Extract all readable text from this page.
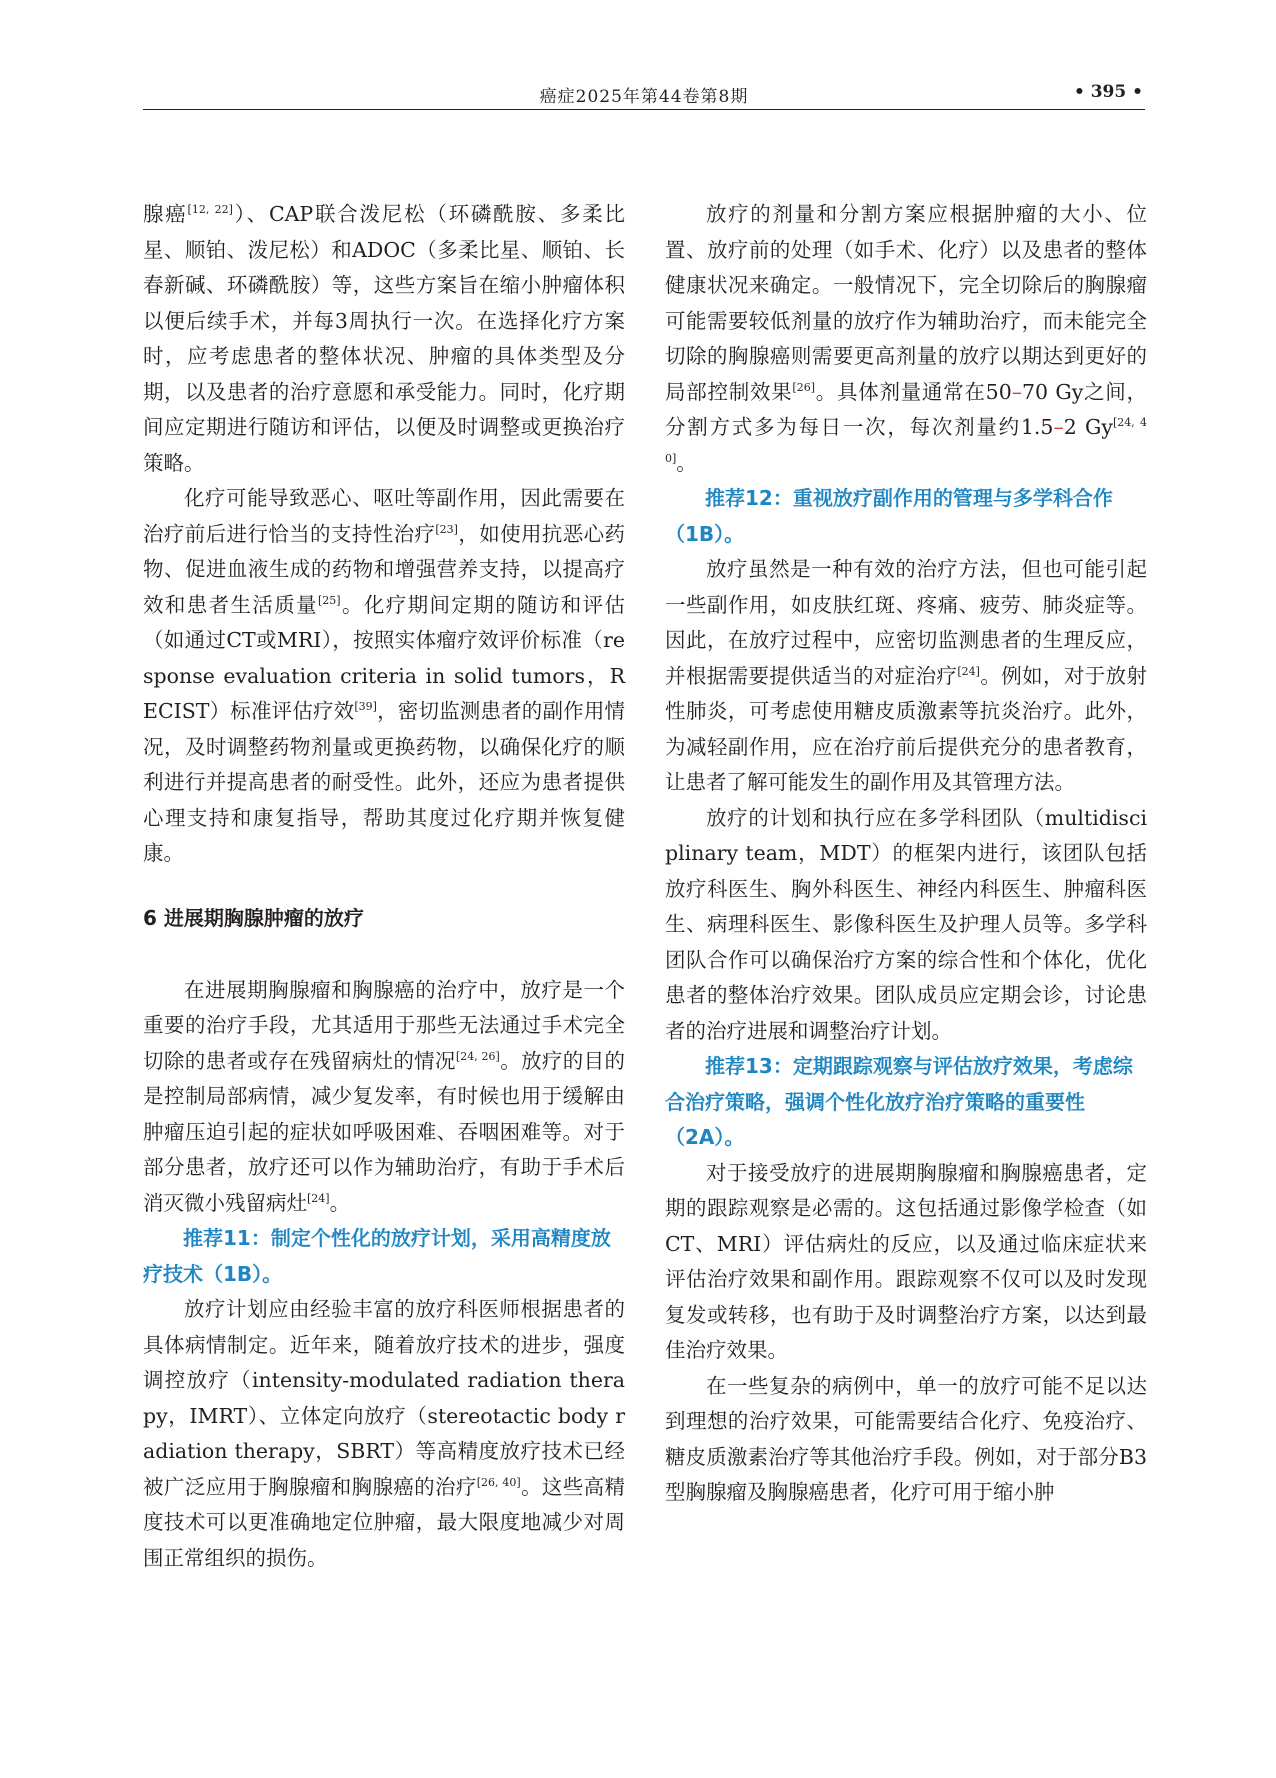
癌症2025年第44卷第8期	• 395 •

腺癌[12, 22]）、CAP联合泼尼松（环磷酰胺、多柔比星、顺铂、泼尼松）和ADOC（多柔比星、顺铂、长春新碱、环磷酰胺）等，这些方案旨在缩小肿瘤体积以便后续手术，并每3周执行一次。在选择化疗方案时，应考虑患者的整体状况、肿瘤的具体类型及分期，以及患者的治疗意愿和承受能力。同时，化疗期间应定期进行随访和评估，以便及时调整或更换治疗策略。

化疗可能导致恶心、呕吐等副作用，因此需要在治疗前后进行恰当的支持性治疗[23]，如使用抗恶心药物、促进血液生成的药物和增强营养支持，以提高疗效和患者生活质量[25]。化疗期间定期的随访和评估（如通过CT或MRI），按照实体瘤疗效评价标准（response evaluation criteria in solid tumors，RECIST）标准评估疗效[39]，密切监测患者的副作用情况，及时调整药物剂量或更换药物，以确保化疗的顺利进行并提高患者的耐受性。此外，还应为患者提供心理支持和康复指导，帮助其度过化疗期并恢复健康。

6 进展期胸腺肿瘤的放疗

在进展期胸腺瘤和胸腺癌的治疗中，放疗是一个重要的治疗手段，尤其适用于那些无法通过手术完全切除的患者或存在残留病灶的情况[24, 26]。放疗的目的是控制局部病情，减少复发率，有时候也用于缓解由肿瘤压迫引起的症状如呼吸困难、吞咽困难等。对于部分患者，放疗还可以作为辅助治疗，有助于手术后消灭微小残留病灶[24]。

推荐11：制定个性化的放疗计划，采用高精度放疗技术（1B）。

放疗计划应由经验丰富的放疗科医师根据患者的具体病情制定。近年来，随着放疗技术的进步，强度调控放疗（intensity-modulated radiation therapy，IMRT）、立体定向放疗（stereotactic body radiation therapy，SBRT）等高精度放疗技术已经被广泛应用于胸腺瘤和胸腺癌的治疗[26, 40]。这些高精度技术可以更准确地定位肿瘤，最大限度地减少对周围正常组织的损伤。

放疗的剂量和分割方案应根据肿瘤的大小、位置、放疗前的处理（如手术、化疗）以及患者的整体健康状况来确定。一般情况下，完全切除后的胸腺瘤可能需要较低剂量的放疗作为辅助治疗，而未能完全切除的胸腺癌则需要更高剂量的放疗以期达到更好的局部控制效果[26]。具体剂量通常在50–70 Gy之间，分割方式多为每日一次，每次剂量约1.5–2 Gy[24, 40]。

推荐12：重视放疗副作用的管理与多学科合作（1B）。

放疗虽然是一种有效的治疗方法，但也可能引起一些副作用，如皮肤红斑、疼痛、疲劳、肺炎症等。因此，在放疗过程中，应密切监测患者的生理反应，并根据需要提供适当的对症治疗[24]。例如，对于放射性肺炎，可考虑使用糖皮质激素等抗炎治疗。此外，为减轻副作用，应在治疗前后提供充分的患者教育，让患者了解可能发生的副作用及其管理方法。

放疗的计划和执行应在多学科团队（multidisciplinary team，MDT）的框架内进行，该团队包括放疗科医生、胸外科医生、神经内科医生、肿瘤科医生、病理科医生、影像科医生及护理人员等。多学科团队合作可以确保治疗方案的综合性和个体化，优化患者的整体治疗效果。团队成员应定期会诊，讨论患者的治疗进展和调整治疗计划。

推荐13：定期跟踪观察与评估放疗效果，考虑综合治疗策略，强调个性化放疗治疗策略的重要性（2A）。

对于接受放疗的进展期胸腺瘤和胸腺癌患者，定期的跟踪观察是必需的。这包括通过影像学检查（如CT、MRI）评估病灶的反应，以及通过临床症状来评估治疗效果和副作用。跟踪观察不仅可以及时发现复发或转移，也有助于及时调整治疗方案，以达到最佳治疗效果。

在一些复杂的病例中，单一的放疗可能不足以达到理想的治疗效果，可能需要结合化疗、免疫治疗、糖皮质激素治疗等其他治疗手段。例如，对于部分B3型胸腺瘤及胸腺癌患者，化疗可用于缩小肿
